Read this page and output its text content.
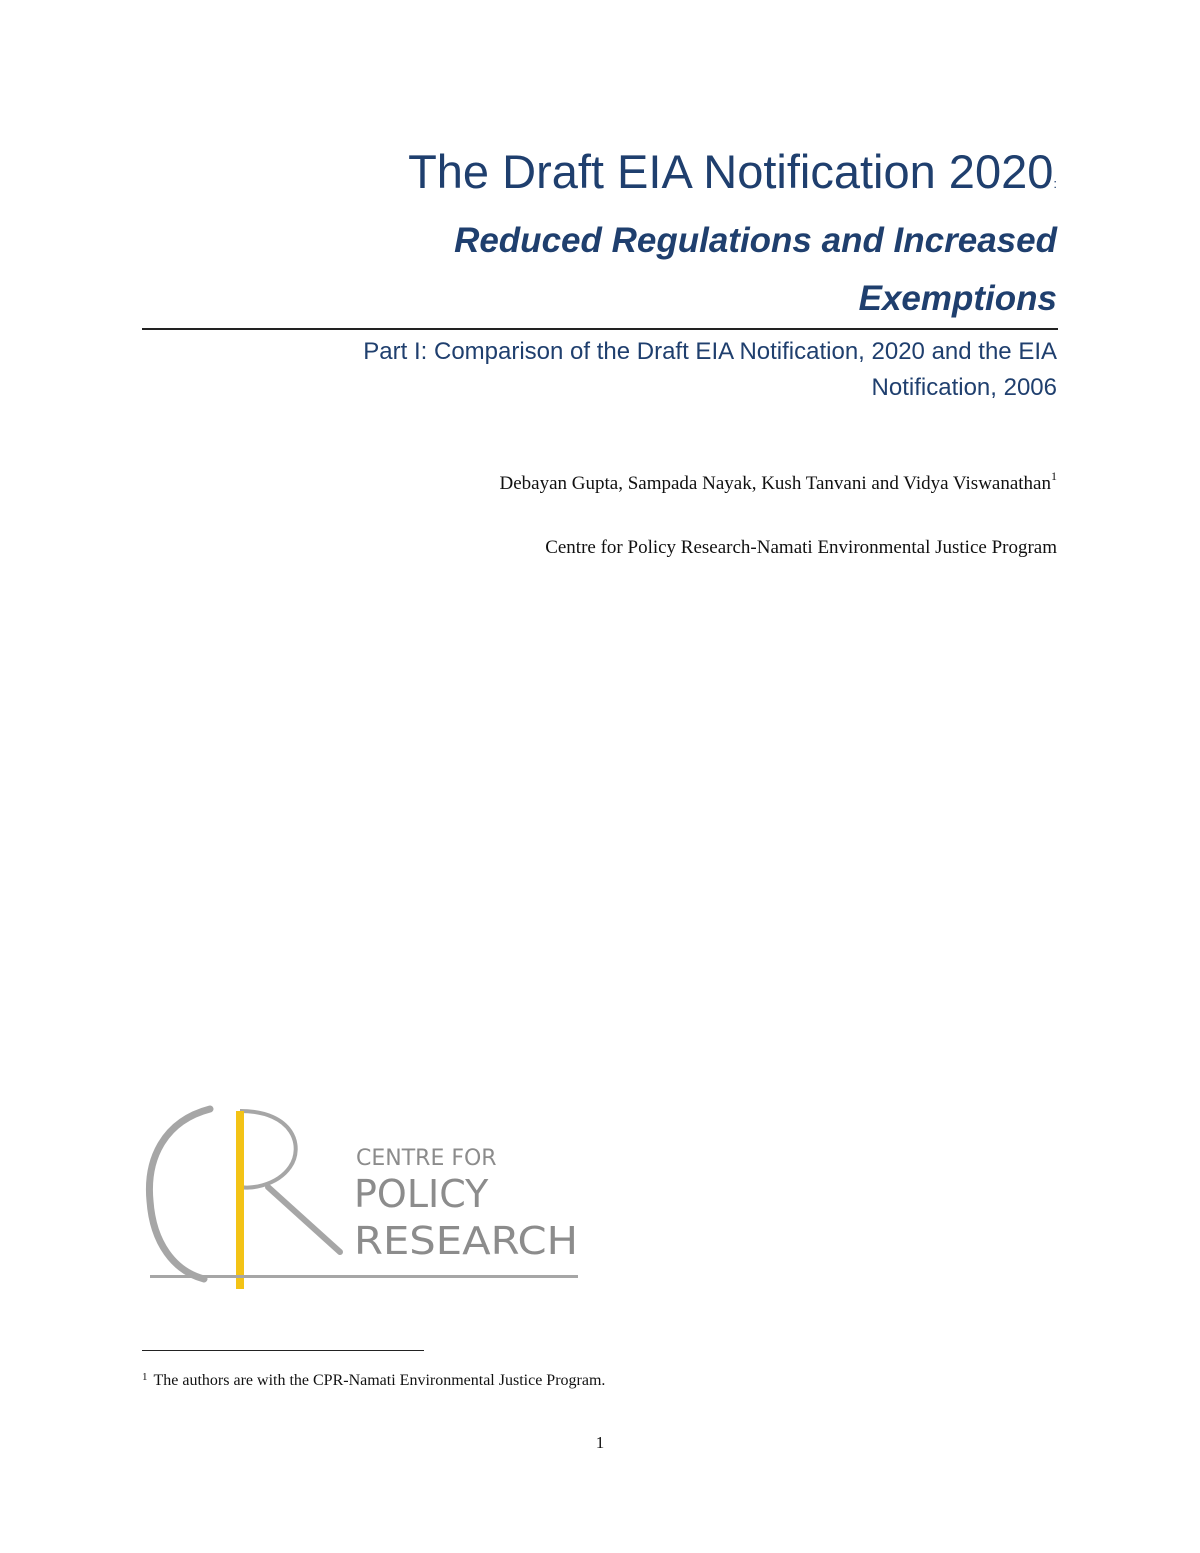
The Draft EIA Notification 2020:
Reduced Regulations and Increased Exemptions
Part I: Comparison of the Draft EIA Notification, 2020 and the EIA Notification, 2006

Debayan Gupta, Sampada Nayak, Kush Tanvani and Vidya Viswanathan$^1$

Centre for Policy Research-Namati Environmental Justice Program

CENTRE FOR
POLICY
RESEARCH

$^1$ The authors are with the CPR-Namati Environmental Justice Program.

1
